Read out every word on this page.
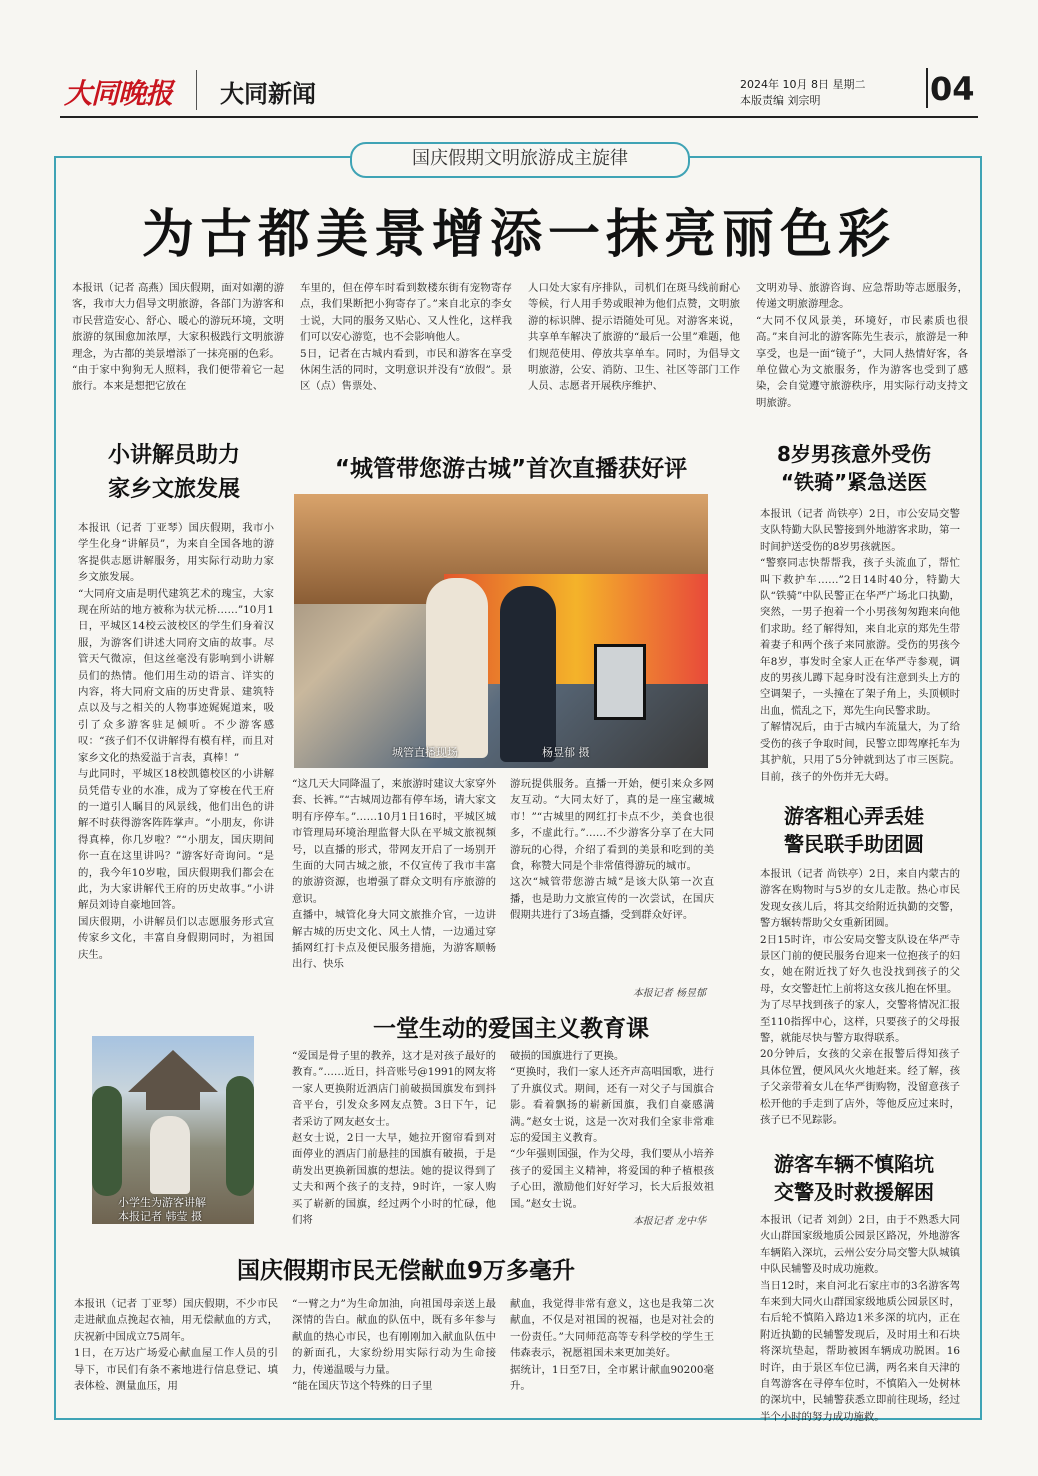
大同晚报	大同新闻	2024年 10月 8日 星期二
本版责编 刘宗明	04
国庆假期文明旅游成主旋律
为古都美景增添一抹亮丽色彩
本报讯（记者 高燕）国庆假期，面对如潮的游客，我市大力倡导文明旅游，各部门为游客和市民营造安心、舒心、暖心的游玩环境，文明旅游的氛围愈加浓厚，大家积极践行文明旅游理念，为古都的美景增添了一抹亮丽的色彩。
“由于家中狗狗无人照料，我们便带着它一起旅行。本来是想把它放在
车里的，但在停车时看到数楼东街有宠物寄存点，我们果断把小狗寄存了。”来自北京的李女士说，大同的服务又贴心、又人性化，这样我们可以安心游览，也不会影响他人。
5日，记者在古城内看到，市民和游客在享受休闲生活的同时，文明意识并没有“放假”。景区（点）售票处、
人口处大家有序排队，司机们在斑马线前耐心等候，行人用手势或眼神为他们点赞，文明旅游的标识牌、提示语随处可见。对游客来说，共享单车解决了旅游的“最后一公里”难题，他们规范使用、停放共享单车。同时，为倡导文明旅游，公安、消防、卫生、社区等部门工作人员、志愿者开展秩序维护、
文明劝导、旅游咨询、应急帮助等志愿服务，传递文明旅游理念。
“大同不仅风景美，环境好，市民素质也很高。”来自河北的游客陈先生表示，旅游是一种享受，也是一面“镜子”，大同人热情好客，各单位做心为文旅服务，作为游客也受到了感染，会自觉遵守旅游秩序，用实际行动支持文明旅游。
小讲解员助力
家乡文旅发展
本报讯（记者 丁亚琴）国庆假期，我市小学生化身“讲解员”，为来自全国各地的游客提供志愿讲解服务，用实际行动助力家乡文旅发展。
“大同府文庙是明代建筑艺术的瑰宝，大家现在所站的地方被称为状元桥……”10月1日，平城区14校云波校区的学生们身着汉服，为游客们讲述大同府文庙的故事。尽管天气微凉，但这丝毫没有影响到小讲解员们的热情。他们用生动的语言、详实的内容，将大同府文庙的历史背景、建筑特点以及与之相关的人物事迹娓娓道来，吸引了众多游客驻足倾听。不少游客感叹：“孩子们不仅讲解得有模有样，而且对家乡文化的热爱溢于言表，真棒！”
与此同时，平城区18校凯德校区的小讲解员凭借专业的水准，成为了穿梭在代王府的一道引人瞩目的风景线，他们出色的讲解不时获得游客阵阵掌声。“小朋友，你讲得真棒，你几岁啦？”“小朋友，国庆期间你一直在这里讲吗？”游客好奇询问。“是的，我今年10岁啦，国庆假期我们都会在此，为大家讲解代王府的历史故事。”小讲解员刘诗自豪地回答。
国庆假期，小讲解员们以志愿服务形式宣传家乡文化，丰富自身假期同时，为祖国庆生。
小学生为游客讲解
本报记者 韩莹 摄
“城管带您游古城”首次直播获好评
城管直播现场	杨昱郁 摄
“这几天大同降温了，来旅游时建议大家穿外套、长裤。”“古城周边都有停车场，请大家文明有序停车。”……10月1日16时，平城区城市管理局环境治理监督大队在平城文旅视频号，以直播的形式，带网友开启了一场别开生面的大同古城之旅，不仅宣传了我市丰富的旅游资源，也增强了群众文明有序旅游的意识。
直播中，城管化身大同文旅推介官，一边讲解古城的历史文化、风土人情，一边通过穿插网红打卡点及便民服务措施，为游客顺畅出行、快乐
游玩提供服务。直播一开始，便引来众多网友互动。“大同太好了，真的是一座宝藏城市！”“古城里的网红打卡点不少，美食也很多，不虚此行。”……不少游客分享了在大同游玩的心得，介绍了看到的美景和吃到的美食，称赞大同是个非常值得游玩的城市。
这次“城管带您游古城”是该大队第一次直播，也是助力文旅宣传的一次尝试，在国庆假期共进行了3场直播，受到群众好评。
本报记者 杨昱郁
一堂生动的爱国主义教育课
“爱国是骨子里的教养，这才是对孩子最好的教育。”……近日，抖音账号@1991的网友将一家人更换附近酒店门前破损国旗发布到抖音平台，引发众多网友点赞。3日下午，记者采访了网友赵女士。
赵女士说，2日一大早，她拉开窗帘看到对面停业的酒店门前悬挂的国旗有破损，于是萌发出更换新国旗的想法。她的提议得到了丈夫和两个孩子的支持，9时许，一家人购买了崭新的国旗，经过两个小时的忙碌，他们将
破损的国旗进行了更换。
“更换时，我们一家人还齐声高唱国歌，进行了升旗仪式。期间，还有一对父子与国旗合影。看着飘扬的崭新国旗，我们自豪感满满。”赵女士说，这是一次对我们全家非常难忘的爱国主义教育。
“少年强则国强，作为父母，我们要从小培养孩子的爱国主义精神，将爱国的种子植根孩子心田，激励他们好好学习，长大后报效祖国。”赵女士说。
本报记者 龙中华
国庆假期市民无偿献血9万多毫升
本报讯（记者 丁亚琴）国庆假期，不少市民走进献血点挽起衣袖，用无偿献血的方式，庆祝新中国成立75周年。
1日，在万达广场爱心献血屋工作人员的引导下，市民们有条不紊地进行信息登记、填表体检、测量血压，用
“一臂之力”为生命加油，向祖国母亲送上最深情的告白。献血的队伍中，既有多年参与献血的热心市民，也有刚刚加入献血队伍中的新面孔，大家纷纷用实际行动为生命接力，传递温暖与力量。
“能在国庆节这个特殊的日子里
献血，我觉得非常有意义，这也是我第二次献血，不仅是对祖国的祝福，也是对社会的一份责任。”大同师范高等专科学校的学生王伟森表示，祝愿祖国未来更加美好。
据统计，1日至7日，全市累计献血90200毫升。
8岁男孩意外受伤
“铁骑”紧急送医
本报讯（记者 尚铁亭）2日，市公安局交警支队特勤大队民警接到外地游客求助，第一时间护送受伤的8岁男孩就医。
“警察同志快帮帮我，孩子头流血了，帮忙叫下救护车……”2日14时40分，特勤大队“铁骑”中队民警正在华严广场北口执勤，突然，一男子抱着一个小男孩匆匆跑来向他们求助。经了解得知，来自北京的郑先生带着妻子和两个孩子来同旅游。受伤的男孩今年8岁，事发时全家人正在华严寺参观，调皮的男孩儿蹲下起身时没有注意到头上方的空调架子，一头撞在了架子角上，头顶顿时出血，慌乱之下，郑先生向民警求助。
了解情况后，由于古城内车流量大，为了给受伤的孩子争取时间，民警立即驾摩托车为其护航，只用了5分钟就到达了市三医院。目前，孩子的外伤并无大碍。
游客粗心弄丢娃
警民联手助团圆
本报讯（记者 尚铁亭）2日，来自内蒙古的游客在购物时与5岁的女儿走散。热心市民发现女孩儿后，将其交给附近执勤的交警，警方辗转帮助父女重新团圆。
2日15时许，市公安局交警支队设在华严寺景区门前的便民服务台迎来一位抱孩子的妇女，她在附近找了好久也没找到孩子的父母，女交警赶忙上前将这女孩儿抱在怀里。
为了尽早找到孩子的家人，交警将情况汇报至110指挥中心，这样，只要孩子的父母报警，就能尽快与警方取得联系。
20分钟后，女孩的父亲在报警后得知孩子具体位置，便风风火火地赶来。经了解，孩子父亲带着女儿在华严街购物，没留意孩子松开他的手走到了店外，等他反应过来时，孩子已不见踪影。
游客车辆不慎陷坑
交警及时救援解困
本报讯（记者 刘剑）2日，由于不熟悉大同火山群国家级地质公园景区路况，外地游客车辆陷入深坑，云州公安分局交警大队城镇中队民辅警及时成功施救。
当日12时，来自河北石家庄市的3名游客驾车来到大同火山群国家级地质公园景区时，右后轮不慎陷入路边1米多深的坑内，正在附近执勤的民辅警发现后，及时用土和石块将深坑垫起，帮助被困车辆成功脱困。16时许，由于景区车位已满，两名来自天津的自驾游客在寻停车位时，不慎陷入一处树林的深坑中，民辅警获悉立即前往现场，经过半个小时的努力成功施救。
